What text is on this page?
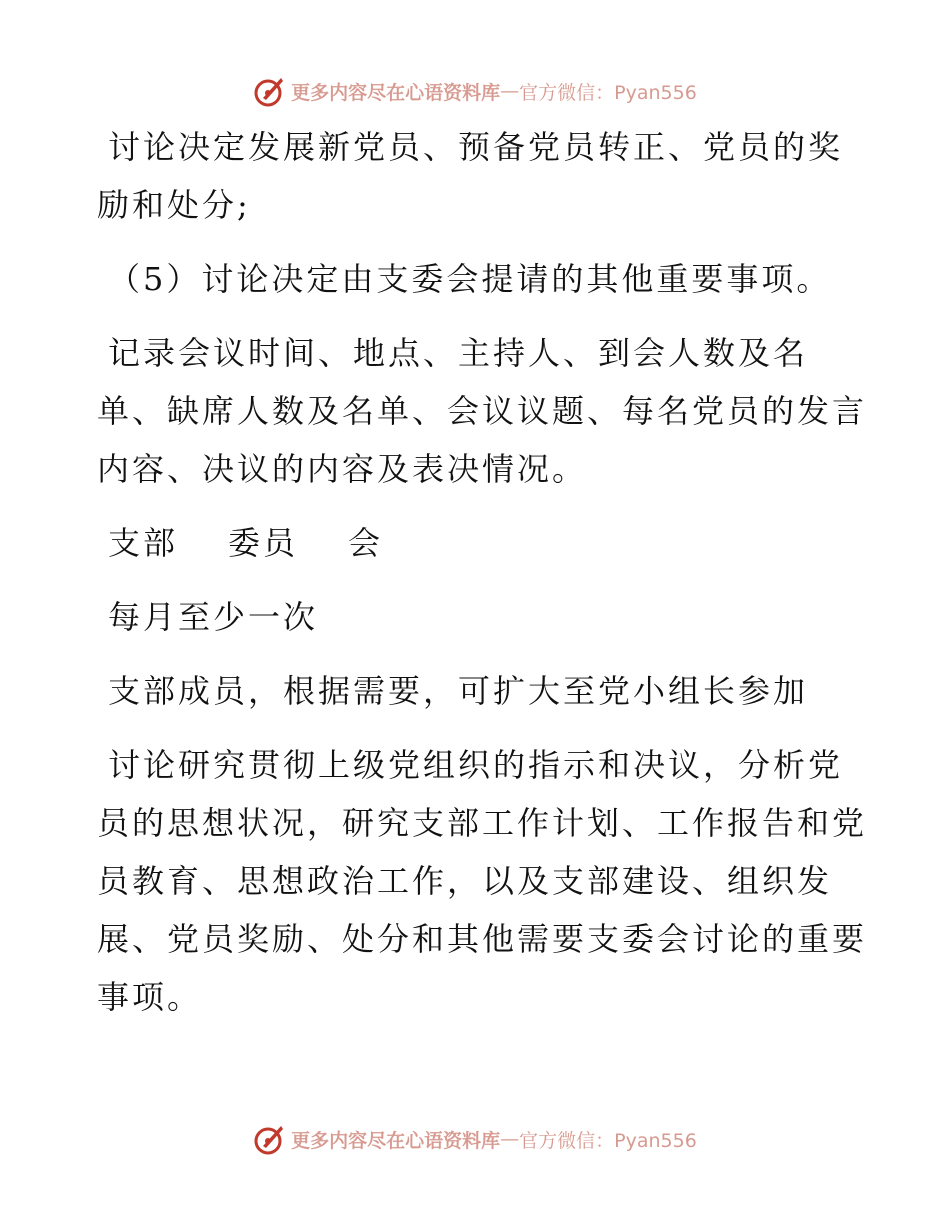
更多内容尽在心语资料库 — 官方微信：Pyan556
讨论决定发展新党员、预备党员转正、党员的奖
励和处分;
（5）讨论决定由支委会提请的其他重要事项。
记录会议时间、地点、主持人、到会人数及名
单、缺席人数及名单、会议议题、每名党员的发言
内容、决议的内容及表决情况。
支部 委员 会
每月至少一次
支部成员，根据需要，可扩大至党小组长参加
讨论研究贯彻上级党组织的指示和决议，分析党
员的思想状况，研究支部工作计划、工作报告和党
员教育、思想政治工作，以及支部建设、组织发
展、党员奖励、处分和其他需要支委会讨论的重要
事项。
更多内容尽在心语资料库 — 官方微信：Pyan556
